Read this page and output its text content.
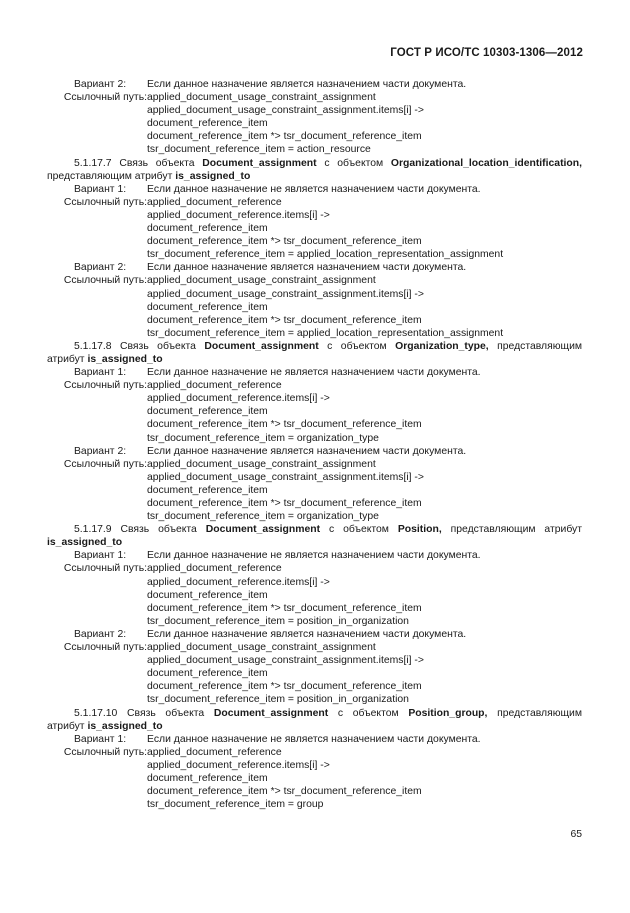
ГОСТ Р ИСО/ТС 10303-1306—2012
Вариант 2:	Если данное назначение является назначением части документа.
Ссылочный путь: applied_document_usage_constraint_assignment
applied_document_usage_constraint_assignment.items[i] ->
document_reference_item
document_reference_item *> tsr_document_reference_item
tsr_document_reference_item = action_resource
5.1.17.7 Связь объекта Document_assignment с объектом Organizational_location_identification,
представляющим атрибут is_assigned_to
Вариант 1:	Если данное назначение не является назначением части документа.
Ссылочный путь: applied_document_reference
applied_document_reference.items[i] ->
document_reference_item
document_reference_item *> tsr_document_reference_item
tsr_document_reference_item = applied_location_representation_assignment
Вариант 2:	Если данное назначение является назначением части документа.
Ссылочный путь: applied_document_usage_constraint_assignment
applied_document_usage_constraint_assignment.items[i] ->
document_reference_item
document_reference_item *> tsr_document_reference_item
tsr_document_reference_item = applied_location_representation_assignment
5.1.17.8 Связь объекта Document_assignment с объектом Organization_type, представляющим
атрибут is_assigned_to
Вариант 1:	Если данное назначение не является назначением части документа.
Ссылочный путь: applied_document_reference
applied_document_reference.items[i] ->
document_reference_item
document_reference_item *> tsr_document_reference_item
tsr_document_reference_item = organization_type
Вариант 2:	Если данное назначение является назначением части документа.
Ссылочный путь: applied_document_usage_constraint_assignment
applied_document_usage_constraint_assignment.items[i] ->
document_reference_item
document_reference_item *> tsr_document_reference_item
tsr_document_reference_item = organization_type
5.1.17.9 Связь объекта Document_assignment с объектом Position, представляющим атрибут
is_assigned_to
Вариант 1:	Если данное назначение не является назначением части документа.
Ссылочный путь: applied_document_reference
applied_document_reference.items[i] ->
document_reference_item
document_reference_item *> tsr_document_reference_item
tsr_document_reference_item = position_in_organization
Вариант 2:	Если данное назначение является назначением части документа.
Ссылочный путь: applied_document_usage_constraint_assignment
applied_document_usage_constraint_assignment.items[i] ->
document_reference_item
document_reference_item *> tsr_document_reference_item
tsr_document_reference_item = position_in_organization
5.1.17.10 Связь объекта Document_assignment с объектом Position_group, представляющим
атрибут is_assigned_to
Вариант 1:	Если данное назначение не является назначением части документа.
Ссылочный путь: applied_document_reference
applied_document_reference.items[i] ->
document_reference_item
document_reference_item *> tsr_document_reference_item
tsr_document_reference_item = group
65
